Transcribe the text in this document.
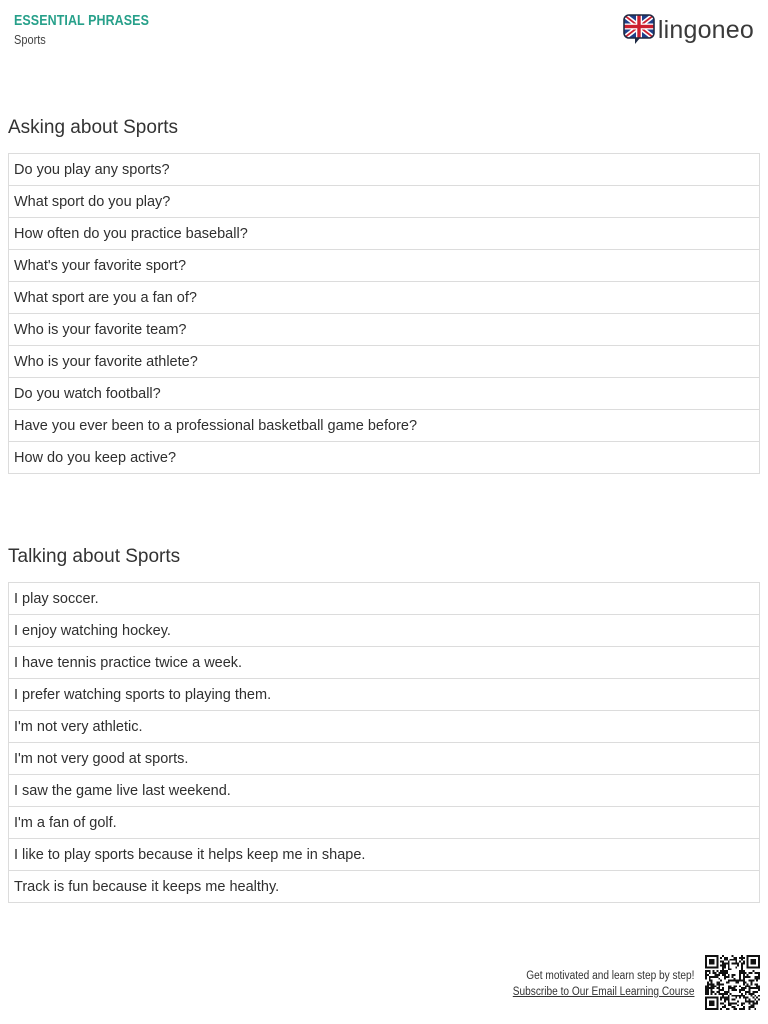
ESSENTIAL PHRASES
Sports	lingoneo
Asking about Sports
Do you play any sports?
What sport do you play?
How often do you practice baseball?
What's your favorite sport?
What sport are you a fan of?
Who is your favorite team?
Who is your favorite athlete?
Do you watch football?
Have you ever been to a professional basketball game before?
How do you keep active?
Talking about Sports
I play soccer.
I enjoy watching hockey.
I have tennis practice twice a week.
I prefer watching sports to playing them.
I'm not very athletic.
I'm not very good at sports.
I saw the game live last weekend.
I'm a fan of golf.
I like to play sports because it helps keep me in shape.
Track is fun because it keeps me healthy.
Get motivated and learn step by step!
Subscribe to Our Email Learning Course
